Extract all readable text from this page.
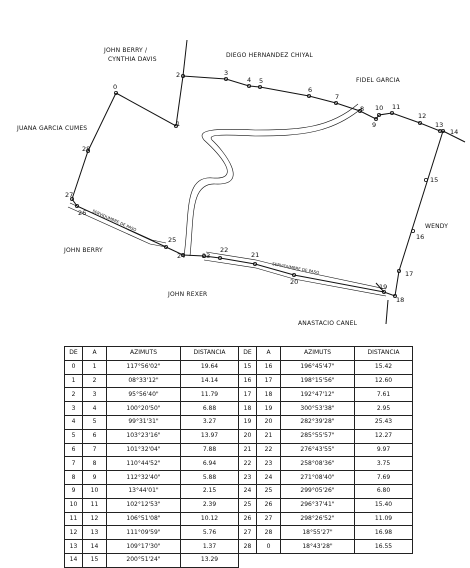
0
1
2	3
4 5
6
7
8
9
10 11
12
13
14
15
16
17
18
19
20
21
22
23
24
25
26
27
28
JOHN BERRY /
CYNTHIA DAVIS
DIEGO HERNANDEZ CHIYAL
FIDEL GARCIA
JUANA GARCIA CUMES
WENDY
JOHN BERRY
JOHN REXER
ANASTACIO CANEL
SERVIDUMBRE DE PASO
SERVIDUMBRE DE PASO
DE	A	AZIMUTS	DISTANCIA	DE	A	AZIMUTS	DISTANCIA
0	1	117°56'02"	19.64	15	16	196°45'47"	15.42
1	2	08°33'12"	14.14	16	17	198°15'56"	12.60
2	3	95°56'40"	11.79	17	18	192°47'12"	7.61
3	4	100°20'50"	6.88	18	19	300°53'38"	2.95
4	5	99°31'31"	3.27	19	20	282°39'28"	25.43
5	6	103°23'16"	13.97	20	21	285°55'57"	12.27
6	7	101°32'04"	7.88	21	22	276°43'55"	9.97
7	8	110°44'52"	6.94	22	23	258°08'36"	3.75
8	9	112°32'40"	5.88	23	24	271°08'40"	7.69
9	10	13°44'01"	2.15	24	25	299°05'26"	6.80
10	11	102°12'53"	2.39	25	26	296°37'41"	15.40
11	12	106°51'08"	10.12	26	27	298°26'52"	11.09
12	13	111°09'59"	5.76	27	28	18°55'27"	16.98
13	14	109°17'30"	1.37	28	0	18°43'28"	16.55
14	15	200°51'24"	13.29				
